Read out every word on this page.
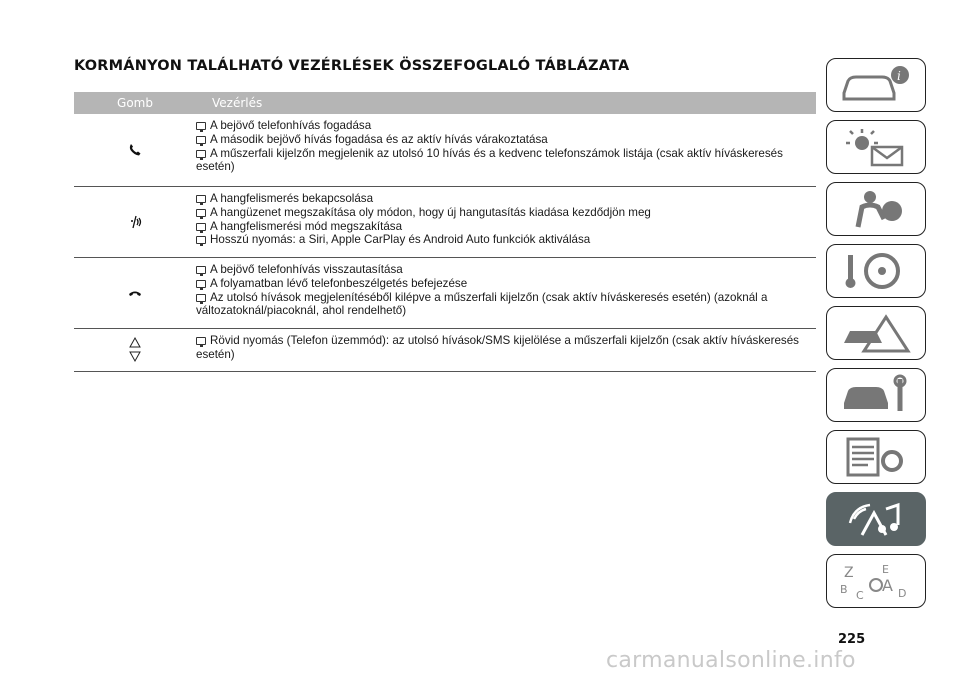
KORMÁNYON TALÁLHATÓ VEZÉRLÉSEK ÖSSZEFOGLALÓ TÁBLÁZATA
Gomb	Vezérlés
A bejövő telefonhívás fogadása
A második bejövő hívás fogadása és az aktív hívás várakoztatása
A műszerfali kijelzőn megjelenik az utolsó 10 hívás és a kedvenc telefonszámok listája (csak aktív híváskeresés esetén)
A hangfelismerés bekapcsolása
A hangüzenet megszakítása oly módon, hogy új hangutasítás kiadása kezdődjön meg
A hangfelismerési mód megszakítása
Hosszú nyomás: a Siri, Apple CarPlay és Android Auto funkciók aktiválása
A bejövő telefonhívás visszautasítása
A folyamatban lévő telefonbeszélgetés befejezése
Az utolsó hívások megjelenítéséből kilépve a műszerfali kijelzőn (csak aktív híváskeresés esetén) (azoknál a változatoknál/piacoknál, ahol rendelhető)
Rövid nyomás (Telefon üzemmód): az utolsó hívások/SMS kijelölése a műszerfali kijelzőn (csak aktív híváskeresés esetén)
i
Z	E
B C
A D
225
carmanualsonline.info
